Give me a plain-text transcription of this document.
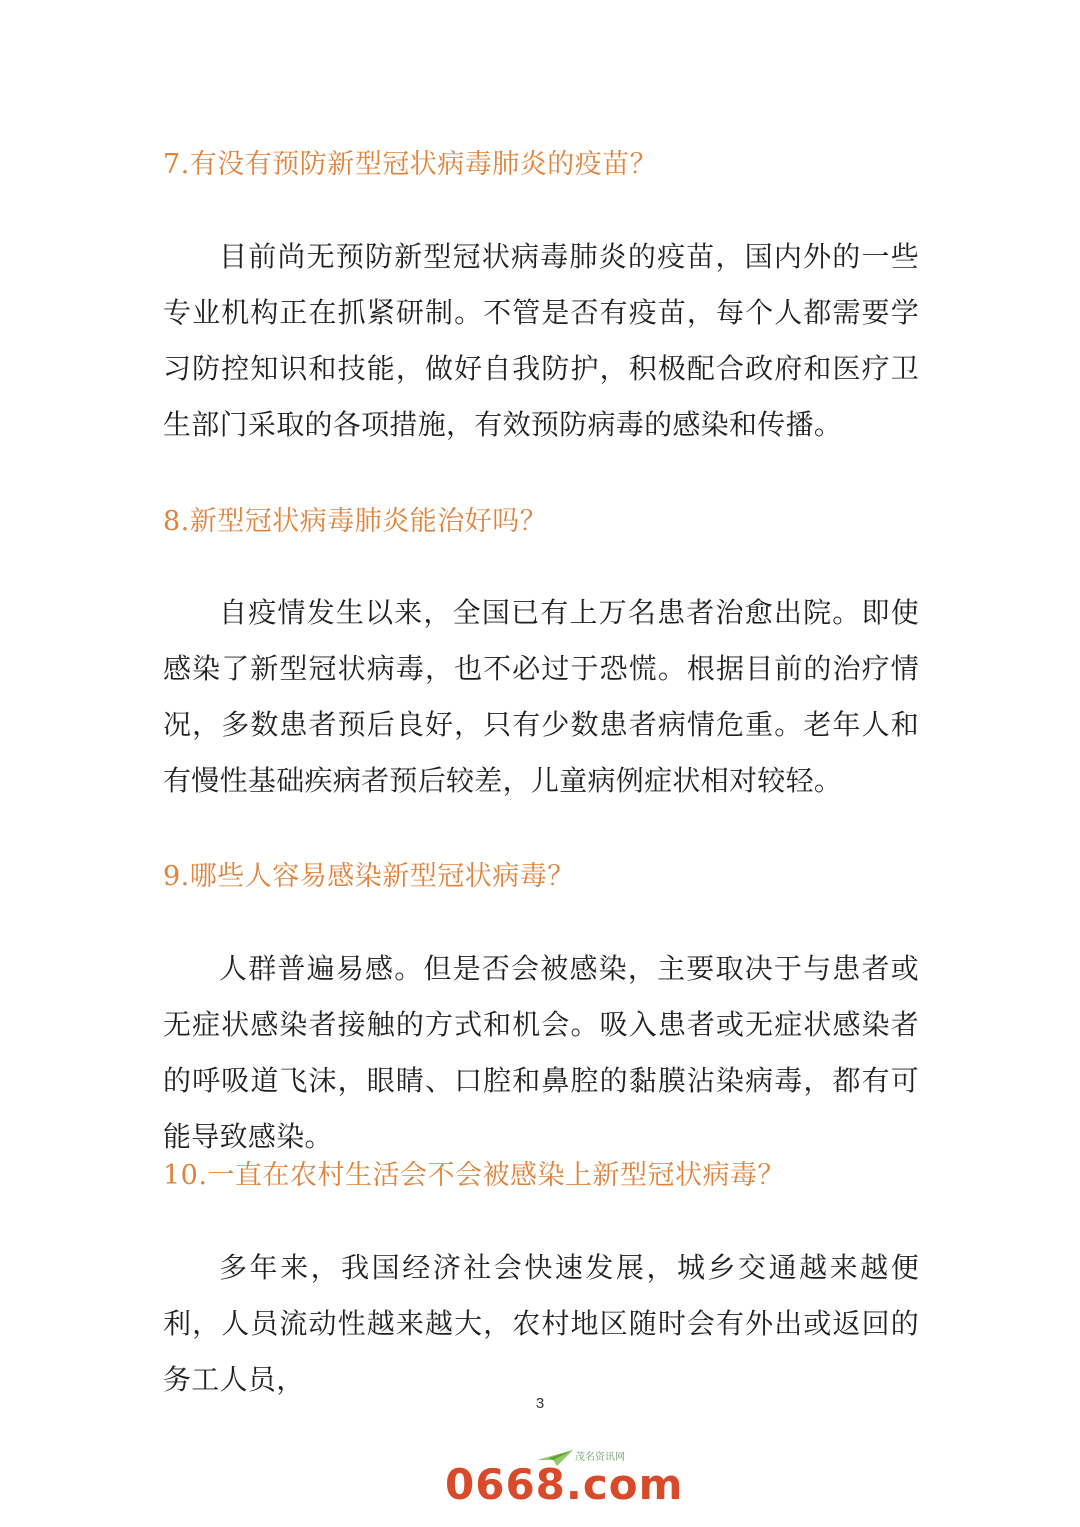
7.有没有预防新型冠状病毒肺炎的疫苗？
目前尚无预防新型冠状病毒肺炎的疫苗，国内外的一些专业机构正在抓紧研制。不管是否有疫苗，每个人都需要学习防控知识和技能，做好自我防护，积极配合政府和医疗卫生部门采取的各项措施，有效预防病毒的感染和传播。
8.新型冠状病毒肺炎能治好吗？
自疫情发生以来，全国已有上万名患者治愈出院。即使感染了新型冠状病毒，也不必过于恐慌。根据目前的治疗情况，多数患者预后良好，只有少数患者病情危重。老年人和有慢性基础疾病者预后较差，儿童病例症状相对较轻。
9.哪些人容易感染新型冠状病毒？
人群普遍易感。但是否会被感染，主要取决于与患者或无症状感染者接触的方式和机会。吸入患者或无症状感染者的呼吸道飞沫，眼睛、口腔和鼻腔的黏膜沾染病毒，都有可能导致感染。
10.一直在农村生活会不会被感染上新型冠状病毒？
多年来，我国经济社会快速发展，城乡交通越来越便利，人员流动性越来越大，农村地区随时会有外出或返回的务工人员，
3
茂名资讯网
0668.com
